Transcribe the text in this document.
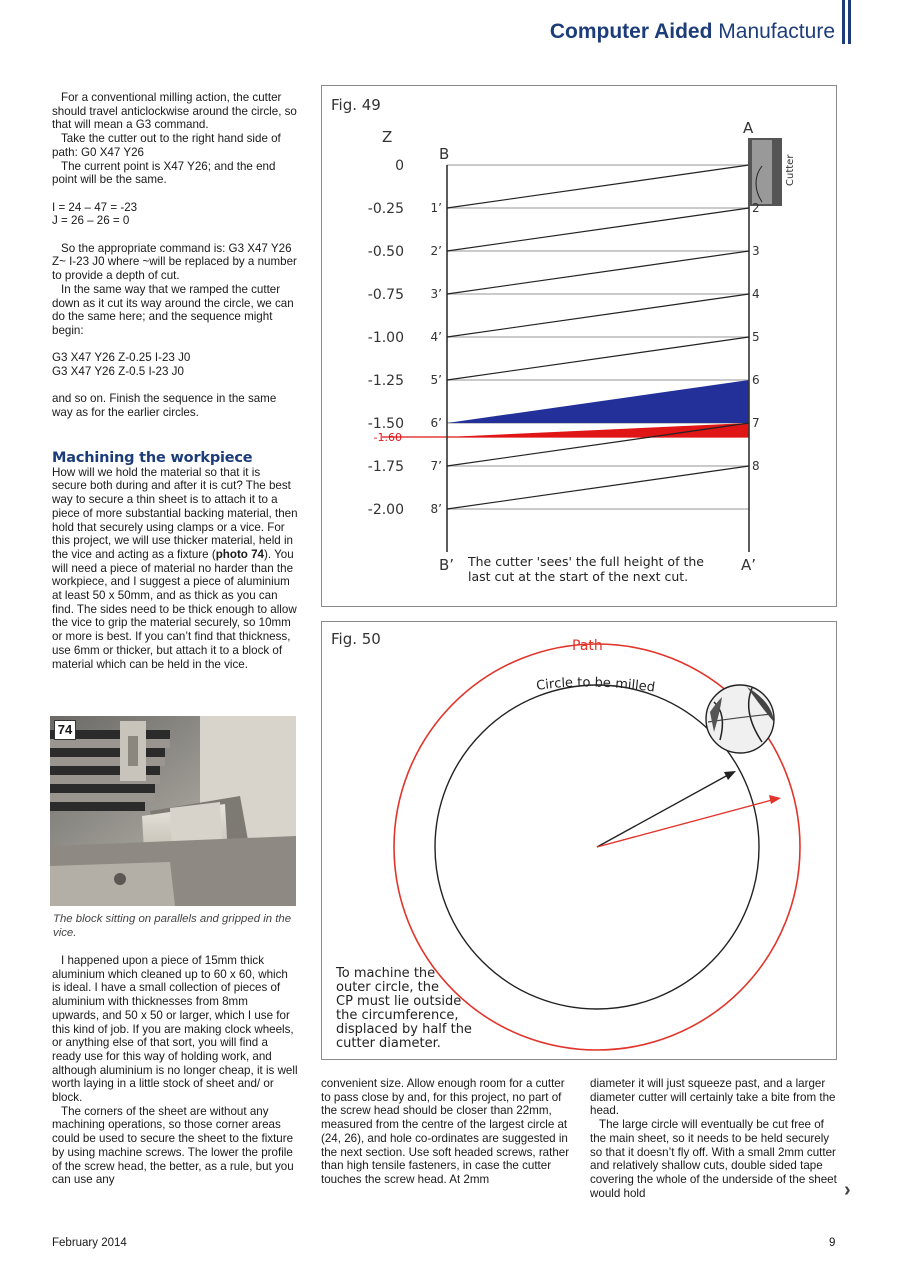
Computer Aided Manufacture

For a conventional milling action, the cutter should travel anticlockwise around the circle, so that will mean a G3 command.

Take the cutter out to the right hand side of path: G0 X47 Y26

The current point is X47 Y26; and the end point will be the same.

I = 24 – 47 = -23

J = 26 – 26 = 0

So the appropriate command is: G3 X47 Y26 Z~ I-23 J0 where ~will be replaced by a number to provide a depth of cut.

In the same way that we ramped the cutter down as it cut its way around the circle, we can do the same here; and the sequence might begin:

G3 X47 Y26 Z-0.25 I-23 J0

G3 X47 Y26 Z-0.5 I-23 J0

and so on. Finish the sequence in the same way as for the earlier circles.

Machining the workpiece

How will we hold the material so that it is secure both during and after it is cut? The best way to secure a thin sheet is to attach it to a piece of more substantial backing material, then hold that securely using clamps or a vice. For this project, we will use thicker material, held in the vice and acting as a fixture (photo 74). You will need a piece of material no harder than the workpiece, and I suggest a piece of aluminium at least 50 x 50mm, and as thick as you can find. The sides need to be thick enough to allow the vice to grip the material securely, so 10mm or more is best. If you can’t find that thickness, use 6mm or thicker, but attach it to a block of material which can be held in the vice.

74
The block sitting on parallels and gripped in the vice.

I happened upon a piece of 15mm thick aluminium which cleaned up to 60 x 60, which is ideal. I have a small collection of pieces of aluminium with thicknesses from 8mm upwards, and 50 x 50 or larger, which I use for this kind of job. If you are making clock wheels, or anything else of that sort, you will find a ready use for this way of holding work, and although aluminium is no longer cheap, it is well worth laying in a little stock of sheet and/ or block.

The corners of the sheet are without any machining operations, so those corner areas could be used to secure the sheet to the fixture by using machine screws. The lower the profile of the screw head, the better, as a rule, but you can use any

convenient size. Allow enough room for a cutter to pass close by and, for this project, no part of the screw head should be closer than 22mm, measured from the centre of the largest circle at (24, 26), and hole co-ordinates are suggested in the next section. Use soft headed screws, rather than high tensile fasteners, in case the cutter touches the screw head. At 2mm

diameter it will just squeeze past, and a larger diameter cutter will certainly take a bite from the head.

The large circle will eventually be cut free of the main sheet, so it needs to be held securely so that it doesn’t fly off. With a small 2mm cutter and relatively shallow cuts, double sided tape covering the whole of the underside of the sheet would hold

Cutter
Fig. 49
Z
B
A
B’	A’
0
-0.25
-0.50
-0.75
-1.00
-1.25
-1.50
-1.75
-2.00
-1.60
1’
2’
3’
4’
5’
6’
7’
8’
2
3
4
5
6
7
8
The cutter 'sees' the full height of the
last cut at the start of the next cut.
Fig. 50	Path
Circle to be milled
To machine the
outer circle, the
CP must lie outside
the circumference,
displaced by half the
cutter diameter.
›
February 2014	9
